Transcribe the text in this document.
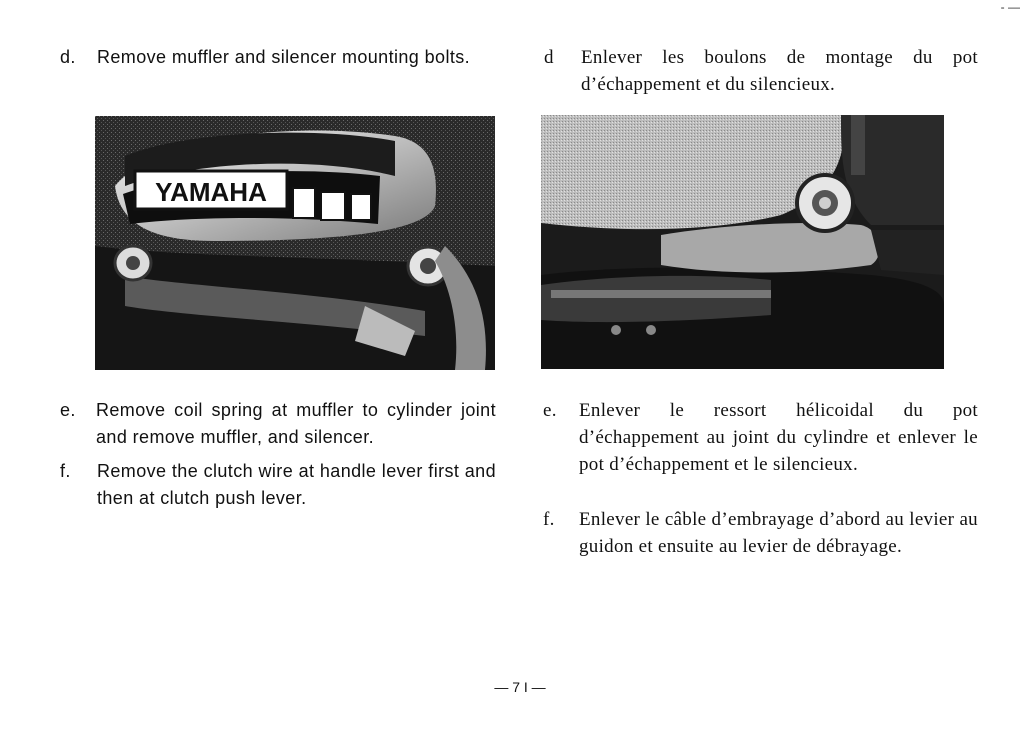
- —
d.	Remove muffler and silencer mounting bolts.	d	Enlever les boulons de montage du pot d’échappement et du silencieux.
YAMAHA
e.	Remove coil spring at muffler to cylinder joint and remove muffler, and silencer.
f.	Remove the clutch wire at handle lever first and then at clutch push lever.
e.	Enlever le ressort hélicoidal du pot d’échappement au joint du cylindre et enlever le pot d’échappement et le silencieux.
f.	Enlever le câble d’embrayage d’abord au levier au guidon et ensuite au levier de débrayage.
— 7 I —
